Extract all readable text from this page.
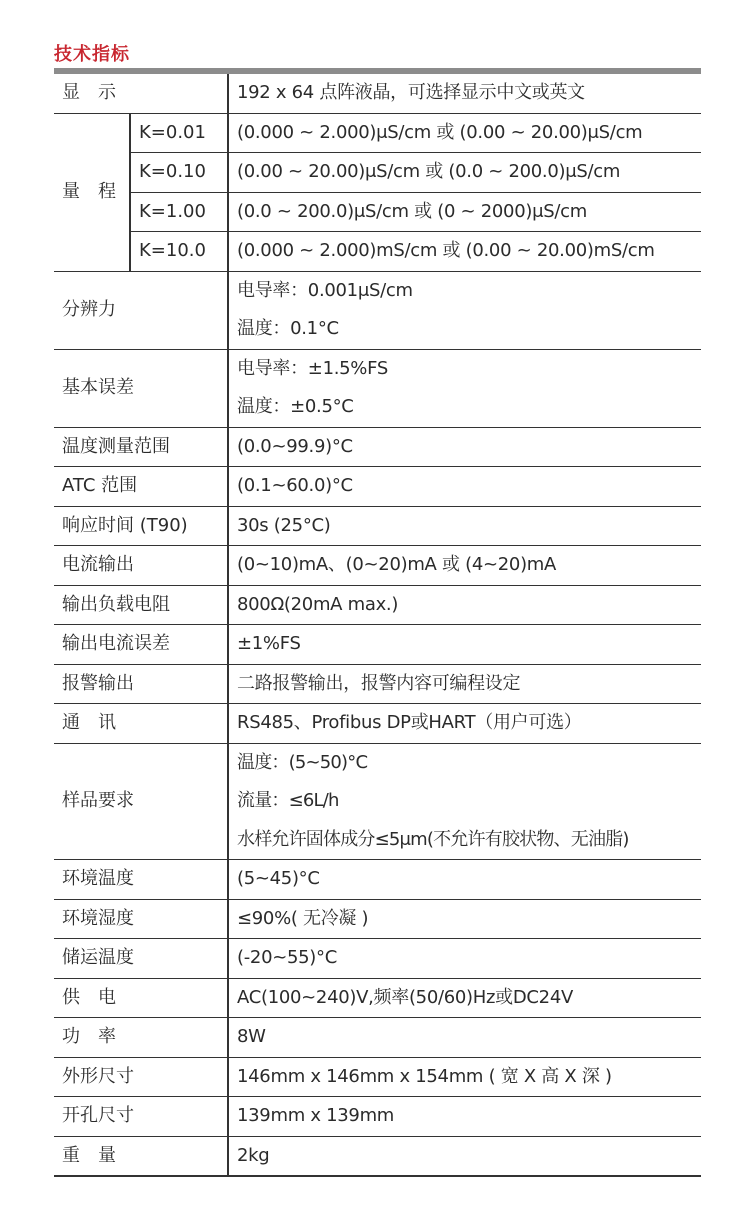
技术指标
显　示		192 x 64 点阵液晶，可选择显示中文或英文
量　程	K=0.01	(0.000 ~ 2.000)μS/cm 或 (0.00 ~ 20.00)μS/cm
	K=0.10	(0.00 ~ 20.00)μS/cm 或 (0.0 ~ 200.0)μS/cm
	K=1.00	(0.0 ~ 200.0)μS/cm 或 (0 ~ 2000)μS/cm
	K=10.0	(0.000 ~ 2.000)mS/cm 或 (0.00 ~ 20.00)mS/cm
分辨力		电导率：0.001μS/cm
温度：0.1°C

基本误差		电导率：±1.5%FS
温度：±0.5°C

温度测量范围		(0.0~99.9)°C
ATC 范围		(0.1~60.0)°C
响应时间 (T90)		30s (25°C)
电流输出		(0~10)mA、(0~20)mA 或 (4~20)mA
输出负载电阻		800Ω(20mA max.)
输出电流误差		±1%FS
报警输出		二路报警输出，报警内容可编程设定
通　讯		RS485、Profibus DP或HART（用户可选）
样品要求		温度：(5~50)°C
流量：≤6L/h
水样允许固体成分≤5μm(不允许有胶状物、无油脂)

环境温度		(5~45)°C
环境湿度		≤90%( 无冷凝 )
储运温度		(-20~55)°C
供　电		AC(100~240)V,频率(50/60)Hz或DC24V
功　率		8W
外形尺寸		146mm x 146mm x 154mm ( 宽 X 高 X 深 )
开孔尺寸		139mm x 139mm
重　量		2kg
